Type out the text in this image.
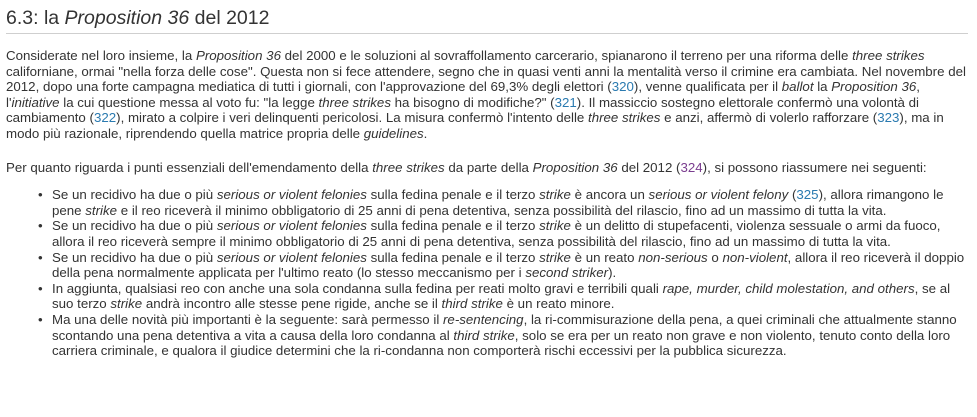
6.3: la Proposition 36 del 2012

Considerate nel loro insieme, la Proposition 36 del 2000 e le soluzioni al sovraffollamento carcerario, spianarono il terreno per una riforma delle three strikes californiane, ormai "nella forza delle cose". Questa non si fece attendere, segno che in quasi venti anni la mentalità verso il crimine era cambiata. Nel novembre del 2012, dopo una forte campagna mediatica di tutti i giornali, con l'approvazione del 69,3% degli elettori (320), venne qualificata per il ballot la Proposition 36, l'initiative la cui questione messa al voto fu: "la legge three strikes ha bisogno di modifiche?" (321). Il massiccio sostegno elettorale confermò una volontà di cambiamento (322), mirato a colpire i veri delinquenti pericolosi. La misura confermò l'intento delle three strikes e anzi, affermò di volerlo rafforzare (323), ma in modo più razionale, riprendendo quella matrice propria delle guidelines.

Per quanto riguarda i punti essenziali dell'emendamento della three strikes da parte della Proposition 36 del 2012 (324), si possono riassumere nei seguenti:

• Se un recidivo ha due o più serious or violent felonies sulla fedina penale e il terzo strike è ancora un serious or violent felony (325), allora rimangono le pene strike e il reo riceverà il minimo obbligatorio di 25 anni di pena detentiva, senza possibilità del rilascio, fino ad un massimo di tutta la vita.
• Se un recidivo ha due o più serious or violent felonies sulla fedina penale e il terzo strike è un delitto di stupefacenti, violenza sessuale o armi da fuoco, allora il reo riceverà sempre il minimo obbligatorio di 25 anni di pena detentiva, senza possibilità del rilascio, fino ad un massimo di tutta la vita.
• Se un recidivo ha due o più serious or violent felonies sulla fedina penale e il terzo strike è un reato non-serious o non-violent, allora il reo riceverà il doppio della pena normalmente applicata per l'ultimo reato (lo stesso meccanismo per i second striker).
• In aggiunta, qualsiasi reo con anche una sola condanna sulla fedina per reati molto gravi e terribili quali rape, murder, child molestation, and others, se al suo terzo strike andrà incontro alle stesse pene rigide, anche se il third strike è un reato minore.
• Ma una delle novità più importanti è la seguente: sarà permesso il re-sentencing, la ri-commisurazione della pena, a quei criminali che attualmente stanno scontando una pena detentiva a vita a causa della loro condanna al third strike, solo se era per un reato non grave e non violento, tenuto conto della loro carriera criminale, e qualora il giudice determini che la ri-condanna non comporterà rischi eccessivi per la pubblica sicurezza.
